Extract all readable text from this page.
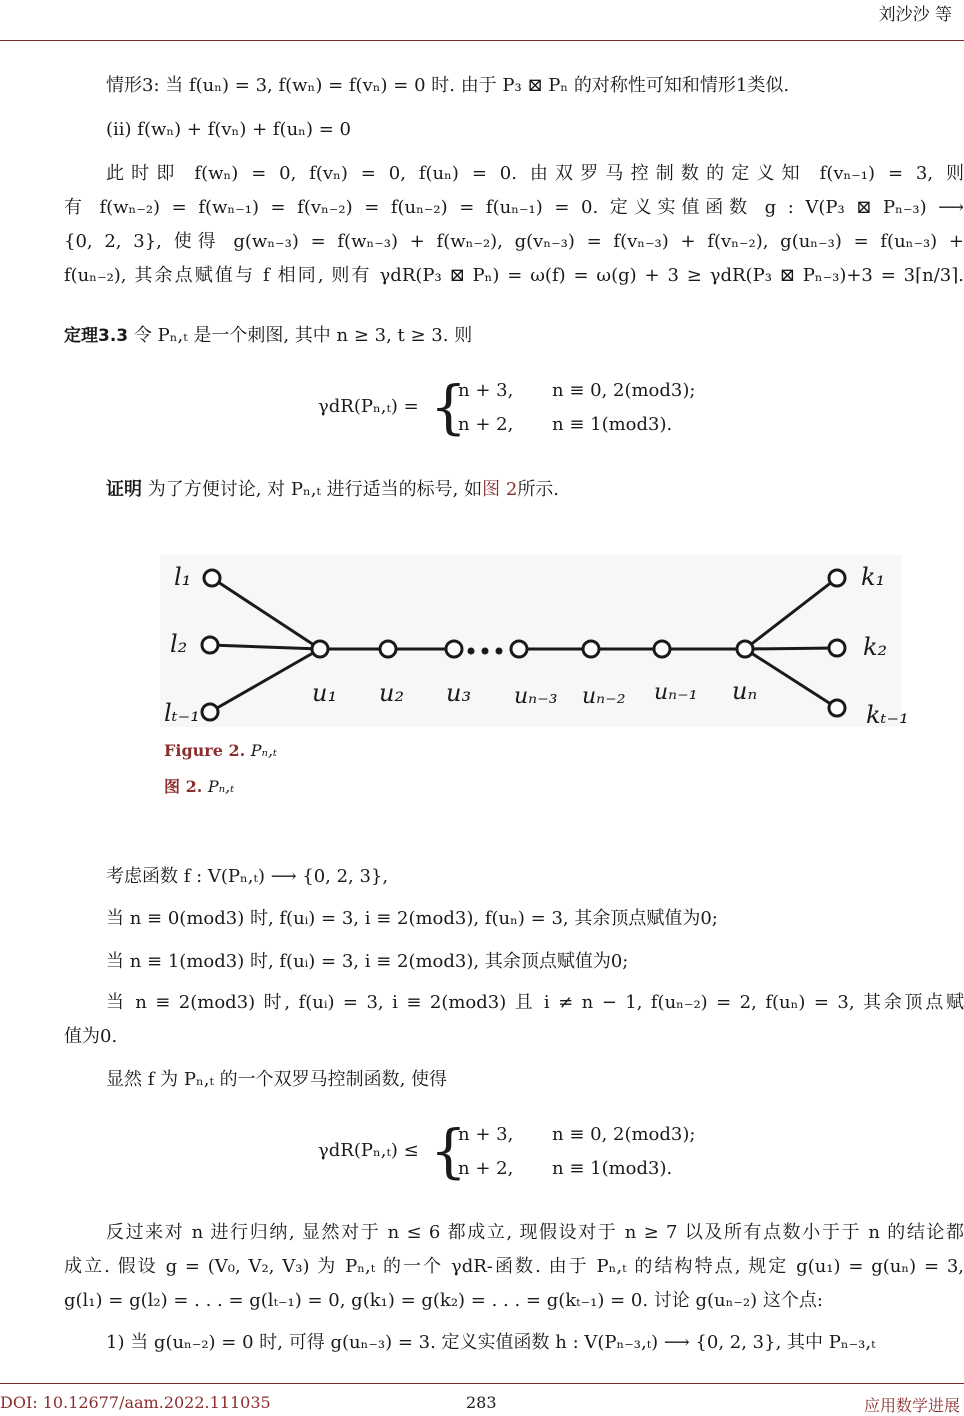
刘沙沙 等
情形3: 当 f(uₙ) = 3, f(wₙ) = f(vₙ) = 0 时. 由于 P₃ ⊠ Pₙ 的对称性可知和情形1类似.
(ii) f(wₙ) + f(vₙ) + f(uₙ) = 0
此时即 f(wₙ) = 0, f(vₙ) = 0, f(uₙ) = 0. 由双罗马控制数的定义知 f(vₙ₋₁) = 3, 则
有 f(wₙ₋₂) = f(wₙ₋₁) = f(vₙ₋₂) = f(uₙ₋₂) = f(uₙ₋₁) = 0. 定义实值函数 g : V(P₃ ⊠ Pₙ₋₃) ⟶
{0, 2, 3}, 使得 g(wₙ₋₃) = f(wₙ₋₃) + f(wₙ₋₂), g(vₙ₋₃) = f(vₙ₋₃) + f(vₙ₋₂), g(uₙ₋₃) = f(uₙ₋₃) +
f(uₙ₋₂), 其余点赋值与 f 相同, 则有 γdR(P₃ ⊠ Pₙ) = ω(f) = ω(g) + 3 ≥ γdR(P₃ ⊠ Pₙ₋₃)+3 = 3⌈n/3⌉.
定理3.3 令 Pₙ,ₜ 是一个刺图, 其中 n ≥ 3, t ≥ 3. 则
γdR(Pₙ,ₜ) = {
n + 3, n ≡ 0, 2(mod3);
n + 2, n ≡ 1(mod3).
证明 为了方便讨论, 对 Pₙ,ₜ 进行适当的标号, 如图 2所示.
l₁
l₂
lₜ₋₁
u₁ u₂ u₃ uₙ₋₃ uₙ₋₂ uₙ₋₁ uₙ
k₁
k₂
kₜ₋₁
Figure 2. Pₙ,ₜ
图 2. Pₙ,ₜ
考虑函数 f : V(Pₙ,ₜ) ⟶ {0, 2, 3},
当 n ≡ 0(mod3) 时, f(uᵢ) = 3, i ≡ 2(mod3), f(uₙ) = 3, 其余顶点赋值为0;
当 n ≡ 1(mod3) 时, f(uᵢ) = 3, i ≡ 2(mod3), 其余顶点赋值为0;
当 n ≡ 2(mod3) 时, f(uᵢ) = 3, i ≡ 2(mod3) 且 i ≠ n − 1, f(uₙ₋₂) = 2, f(uₙ) = 3, 其余顶点赋
值为0.
显然 f 为 Pₙ,ₜ 的一个双罗马控制函数, 使得
γdR(Pₙ,ₜ) ≤ {
n + 3, n ≡ 0, 2(mod3);
n + 2, n ≡ 1(mod3).
反过来对 n 进行归纳, 显然对于 n ≤ 6 都成立, 现假设对于 n ≥ 7 以及所有点数小于于 n 的结论都
成立. 假设 g = (V₀, V₂, V₃) 为 Pₙ,ₜ 的一个 γdR-函数. 由于 Pₙ,ₜ 的结构特点, 规定 g(u₁) = g(uₙ) = 3,
g(l₁) = g(l₂) = . . . = g(lₜ₋₁) = 0, g(k₁) = g(k₂) = . . . = g(kₜ₋₁) = 0. 讨论 g(uₙ₋₂) 这个点:
1) 当 g(uₙ₋₂) = 0 时, 可得 g(uₙ₋₃) = 3. 定义实值函数 h : V(Pₙ₋₃,ₜ) ⟶ {0, 2, 3}, 其中 Pₙ₋₃,ₜ
DOI: 10.12677/aam.2022.111035	283	应用数学进展
